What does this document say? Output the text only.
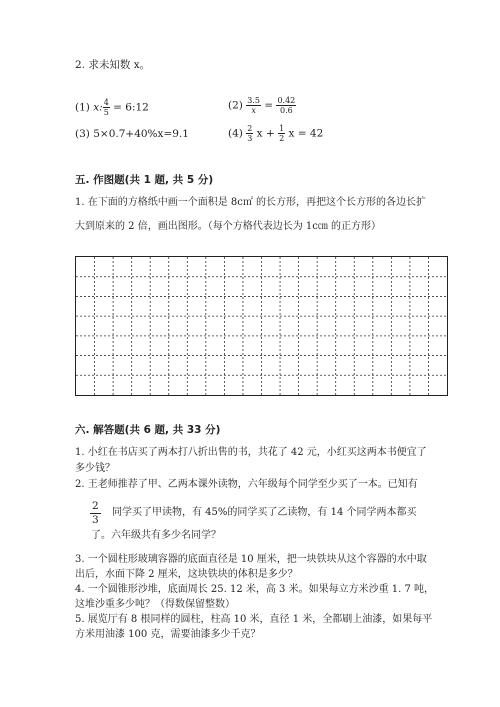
2. 求未知数 x。
(1) x: $\frac{4}{5}$ = 6:12	$(2) \frac{3.5}{x} = \frac{0.42}{0.6}$
(3) 5×0.7+40%x=9.1	$(4) \frac{2}{3}$ $x + \frac{1}{2}$ x = 42
五. 作图题(共 1 题, 共 5 分)
1. 在下面的方格纸中画一个面积是 8c㎡ 的长方形，再把这个长方形的各边长扩
大到原来的 2 倍，画出图形。（每个方格代表边长为 1c㎝ 的正方形）
六. 解答题(共 6 题, 共 33 分)
1. 小红在书店买了两本打八折出售的书，共花了 42 元，小红买这两本书便宜了
多少钱？
2. 王老师推荐了甲、乙两本课外读物，六年级每个同学至少买了一本。已知有
$\frac{2}{3}$ 同学买了甲读物，有 45%的同学买了乙读物，有 14 个同学两本都买
了。六年级共有多少名同学？
3. 一个圆柱形玻璃容器的底面直径是 10 厘米，把一块铁块从这个容器的水中取
出后，水面下降 2 厘米，这块铁块的体积是多少？
4. 一个圆锥形沙堆，底面周长 25. 12 米，高 3 米。如果每立方米沙重 1. 7 吨，
这堆沙重多少吨？（得数保留整数）
5. 展览厅有 8 根同样的圆柱，柱高 10 米，直径 1 米，全都刷上油漆，如果每平
方米用油漆 100 克，需要油漆多少千克？
